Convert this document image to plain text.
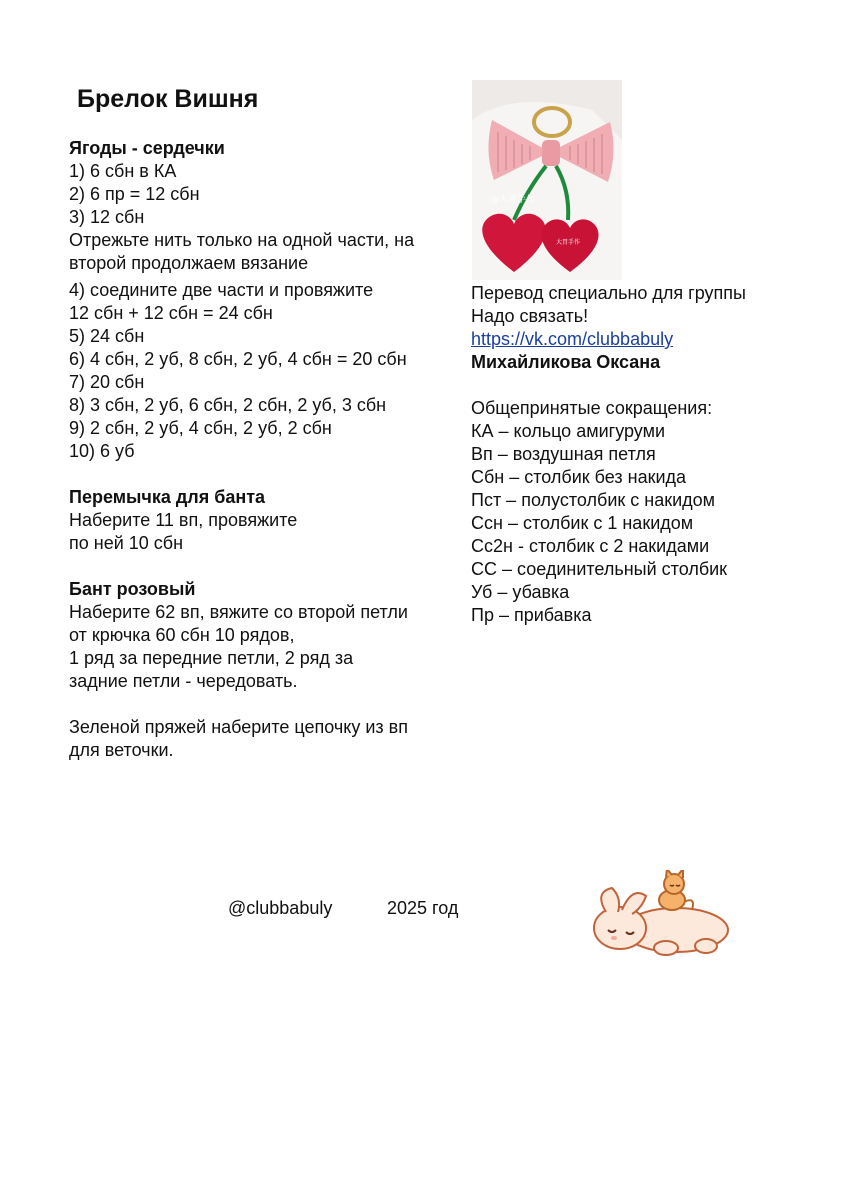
Брелок Вишня
@大胃手作
大胃手作
Ягоды - сердечки
1) 6 сбн в КА
2) 6 пр = 12 сбн
3) 12 сбн
Отрежьте нить только на одной части, на
второй продолжаем вязание
4) соедините две части и провяжите
12 сбн + 12 сбн = 24 сбн
5) 24 сбн
6) 4 сбн, 2 уб, 8 сбн, 2 уб, 4 сбн = 20 сбн
7) 20 сбн
8) 3 сбн, 2 уб, 6 сбн, 2 сбн, 2 уб, 3 сбн
9) 2 сбн, 2 уб, 4 сбн, 2 уб, 2 сбн
10) 6 уб
Перемычка для банта
Наберите 11 вп, провяжите
по ней 10 сбн
Бант розовый
Наберите 62 вп, вяжите со второй петли
от крючка 60 сбн 10 рядов,
1 ряд за передние петли, 2 ряд за
задние петли - чередовать.
Зеленой пряжей наберите цепочку из вп
для веточки.
Перевод специально для группы
Надо связать!
https://vk.com/clubbabuly
Михайликова Оксана
Общепринятые сокращения:
КА – кольцо амигуруми
Вп – воздушная петля
Сбн – столбик без накида
Пст – полустолбик с накидом
Ссн – столбик с 1 накидом
Сс2н - столбик с 2 накидами
СС – соединительный столбик
Уб – убавка
Пр – прибавка
@clubbabuly	2025 год
